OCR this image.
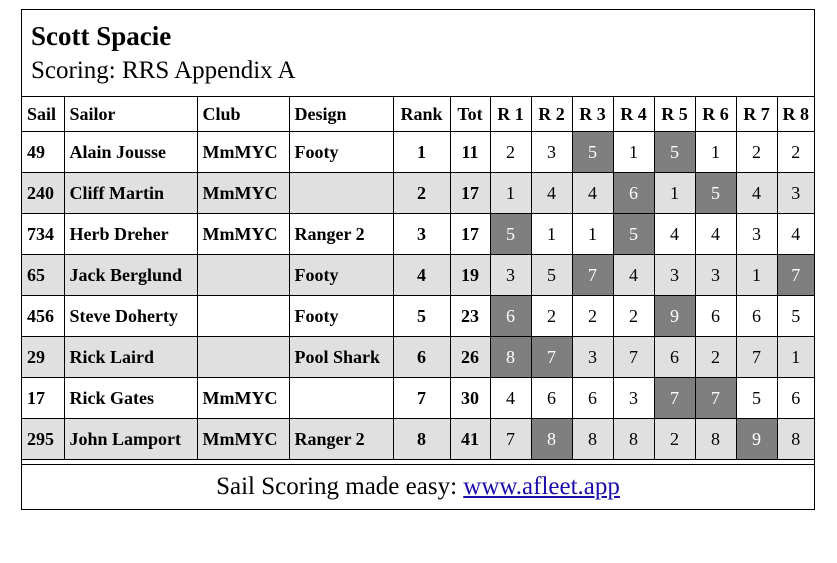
Scott Spacie
Scoring: RRS Appendix A
Sail	Sailor	Club	Design	Rank	Tot	R 1	R 2	R 3	R 4	R 5	R 6	R 7	R 8
49	Alain Jousse	MmMYC	Footy	1	11	2	3	5	1	5	1	2	2
240	Cliff Martin	MmMYC		2	17	1	4	4	6	1	5	4	3
734	Herb Dreher	MmMYC	Ranger 2	3	17	5	1	1	5	4	4	3	4
65	Jack Berglund		Footy	4	19	3	5	7	4	3	3	1	7
456	Steve Doherty		Footy	5	23	6	2	2	2	9	6	6	5
29	Rick Laird		Pool Shark	6	26	8	7	3	7	6	2	7	1
17	Rick Gates	MmMYC		7	30	4	6	6	3	7	7	5	6
295	John Lamport	MmMYC	Ranger 2	8	41	7	8	8	8	2	8	9	8
Sail Scoring made easy: www.afleet.app
